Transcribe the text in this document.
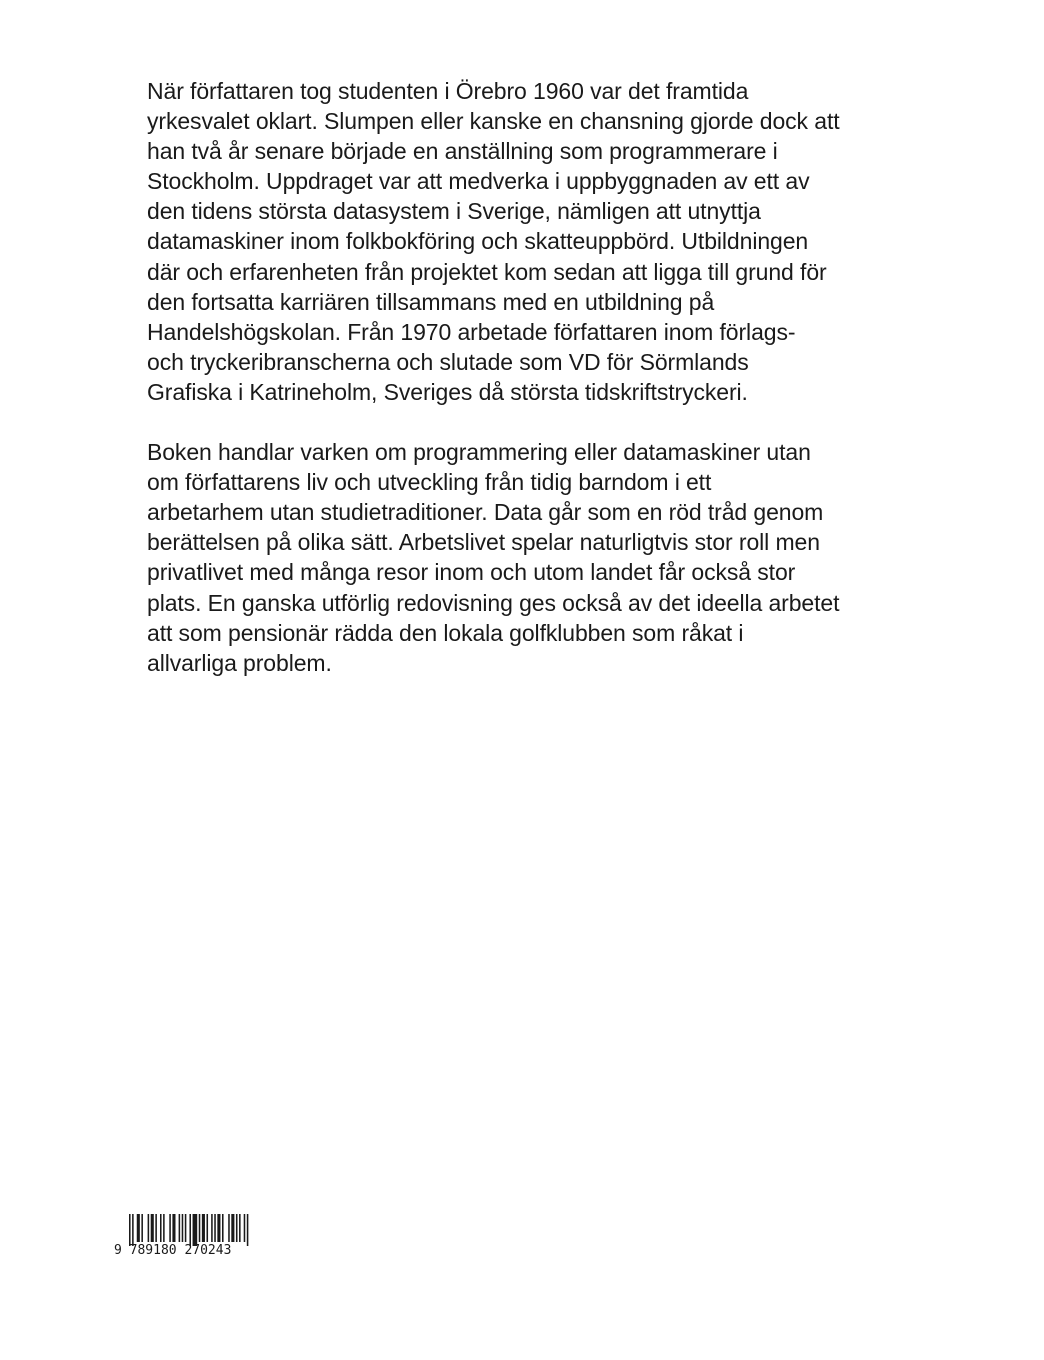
När författaren tog studenten i Örebro 1960 var det framtida
yrkesvalet oklart. Slumpen eller kanske en chansning gjorde dock att
han två år senare började en anställning som programmerare i
Stockholm. Uppdraget var att medverka i uppbyggnaden av ett av
den tidens största datasystem i Sverige, nämligen att utnyttja
datamaskiner inom folkbokföring och skatteuppbörd. Utbildningen
där och erfarenheten från projektet kom sedan att ligga till grund för
den fortsatta karriären tillsammans med en utbildning på
Handelshögskolan. Från 1970 arbetade författaren inom förlags-
och tryckeribranscherna och slutade som VD för Sörmlands
Grafiska i Katrineholm, Sveriges då största tidskriftstryckeri.

Boken handlar varken om programmering eller datamaskiner utan
om författarens liv och utveckling från tidig barndom i ett
arbetarhem utan studietraditioner. Data går som en röd tråd genom
berättelsen på olika sätt. Arbetslivet spelar naturligtvis stor roll men
privatlivet med många resor inom och utom landet får också stor
plats. En ganska utförlig redovisning ges också av det ideella arbetet
att som pensionär rädda den lokala golfklubben som råkat i
allvarliga problem.

9 789180 270243
